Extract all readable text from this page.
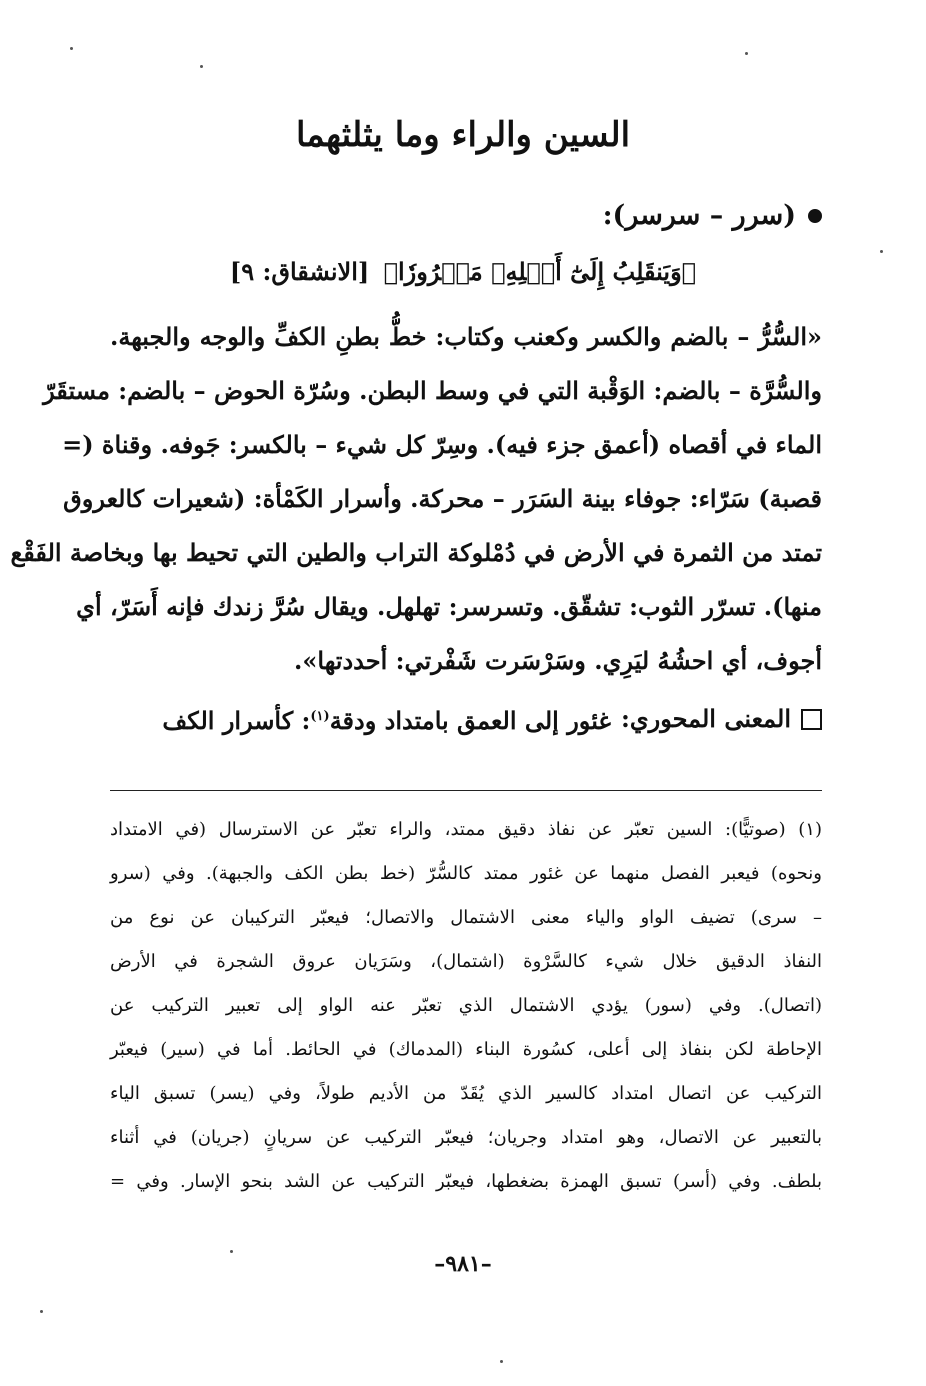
السين والراء وما يثلثهما
(سرر – سرسر):
﴿وَيَنقَلِبُ إِلَىٰٓ أَهۡلِهِۦ مَسۡرُورٗا﴾ [الانشقاق: ٩]
«السُّرُّ – بالضم والكسر وكعنب وكتاب: خطُّ بطنِ الكفِّ والوجه والجبهة.
والسُّرَّة – بالضم: الوَقْبة التي في وسط البطن. وسُرّة الحوض – بالضم: مستقَرّ
الماء في أقصاه (أعمق جزء فيه). وسِرّ كل شيء – بالكسر: جَوفه. وقناة (=
قصبة) سَرّاء: جوفاء بينة السَرَر – محركة. وأسرار الكَمْأة: (شعيرات كالعروق
تمتد من الثمرة في الأرض في دُمْلوكة التراب والطين التي تحيط بها وبخاصة الفَقْع
منها). تسرّر الثوب: تشقّق. وتسرسر: تهلهل. ويقال سُرَّ زندك فإنه أَسَرّ، أي
أجوف، أي احشُهُ ليَرِي. وسَرْسَرت شَفْرتي: أحددتها».
المعنى المحوري:
غئور إلى العمق بامتداد ودقة$^{(١)}$: كأسرار الكف
(١) (صوتيًّا): السين تعبّر عن نفاذ دقيق ممتد، والراء تعبّر عن الاسترسال (في الامتداد
ونحوه) فيعبر الفصل منهما عن غئور ممتد كالسُّرّ (خط بطن الكف والجبهة). وفي (سرو
– سرى) تضيف الواو والياء معنى الاشتمال والاتصال؛ فيعبّر التركيبان عن نوع من
النفاذ الدقيق خلال شيء كالسَّرْوة (اشتمال)، وسَرَيان عروق الشجرة في الأرض
(اتصال). وفي (سور) يؤدي الاشتمال الذي تعبّر عنه الواو إلى تعبير التركيب عن
الإحاطة لكن بنفاذ إلى أعلى، كسُورة البناء (المدماك) في الحائط. أما في (سير) فيعبّر
التركيب عن اتصال امتداد كالسير الذي يُقَدّ من الأديم طولاً، وفي (يسر) تسبق الياء
بالتعبير عن الاتصال، وهو امتداد وجريان؛ فيعبّر التركيب عن سريانٍ (جريان) في أثناء
بلطف. وفي (أسر) تسبق الهمزة بضغطها، فيعبّر التركيب عن الشد بنحو الإسار. وفي =
–٩٨١–
